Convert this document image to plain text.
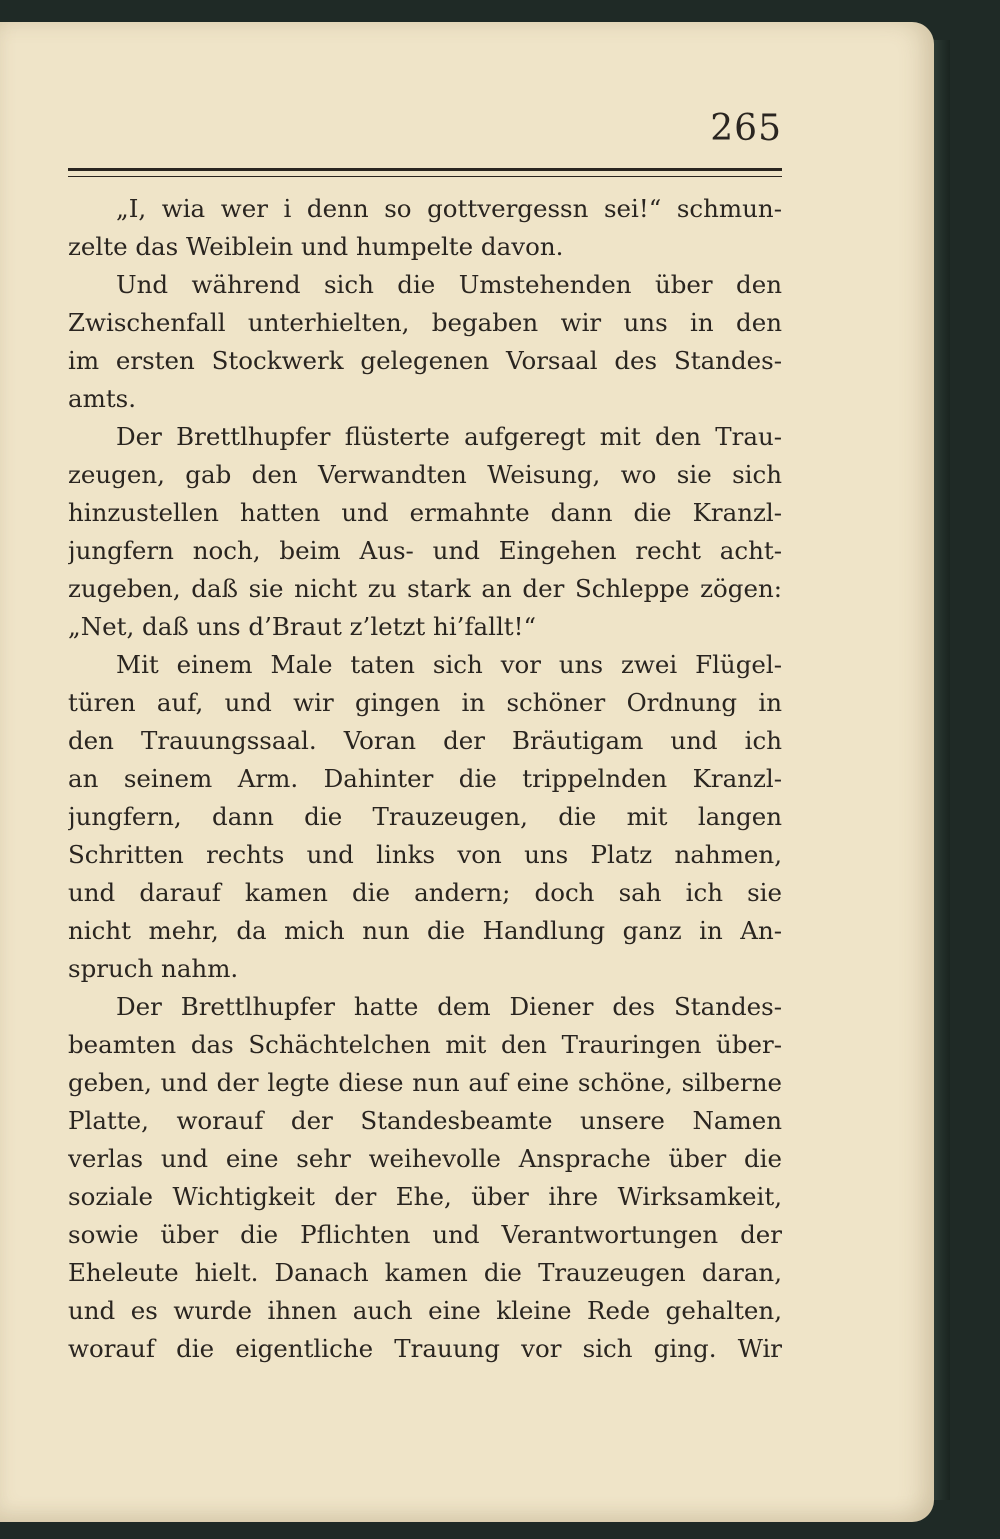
265
„I, wia wer i denn so gottvergessn sei!“ schmun-
zelte das Weiblein und humpelte davon.
Und während sich die Umstehenden über den
Zwischenfall unterhielten, begaben wir uns in den
im ersten Stockwerk gelegenen Vorsaal des Standes-
amts.
Der Brettlhupfer flüsterte aufgeregt mit den Trau-
zeugen, gab den Verwandten Weisung, wo sie sich
hinzustellen hatten und ermahnte dann die Kranzl-
jungfern noch, beim Aus- und Eingehen recht acht-
zugeben, daß sie nicht zu stark an der Schleppe zögen:
„Net, daß uns d’Braut z’letzt hi’fallt!“
Mit einem Male taten sich vor uns zwei Flügel-
türen auf, und wir gingen in schöner Ordnung in
den Trauungssaal. Voran der Bräutigam und ich
an seinem Arm. Dahinter die trippelnden Kranzl-
jungfern, dann die Trauzeugen, die mit langen
Schritten rechts und links von uns Platz nahmen,
und darauf kamen die andern; doch sah ich sie
nicht mehr, da mich nun die Handlung ganz in An-
spruch nahm.
Der Brettlhupfer hatte dem Diener des Standes-
beamten das Schächtelchen mit den Trauringen über-
geben, und der legte diese nun auf eine schöne, silberne
Platte, worauf der Standesbeamte unsere Namen
verlas und eine sehr weihevolle Ansprache über die
soziale Wichtigkeit der Ehe, über ihre Wirksamkeit,
sowie über die Pflichten und Verantwortungen der
Eheleute hielt. Danach kamen die Trauzeugen daran,
und es wurde ihnen auch eine kleine Rede gehalten,
worauf die eigentliche Trauung vor sich ging. Wir
